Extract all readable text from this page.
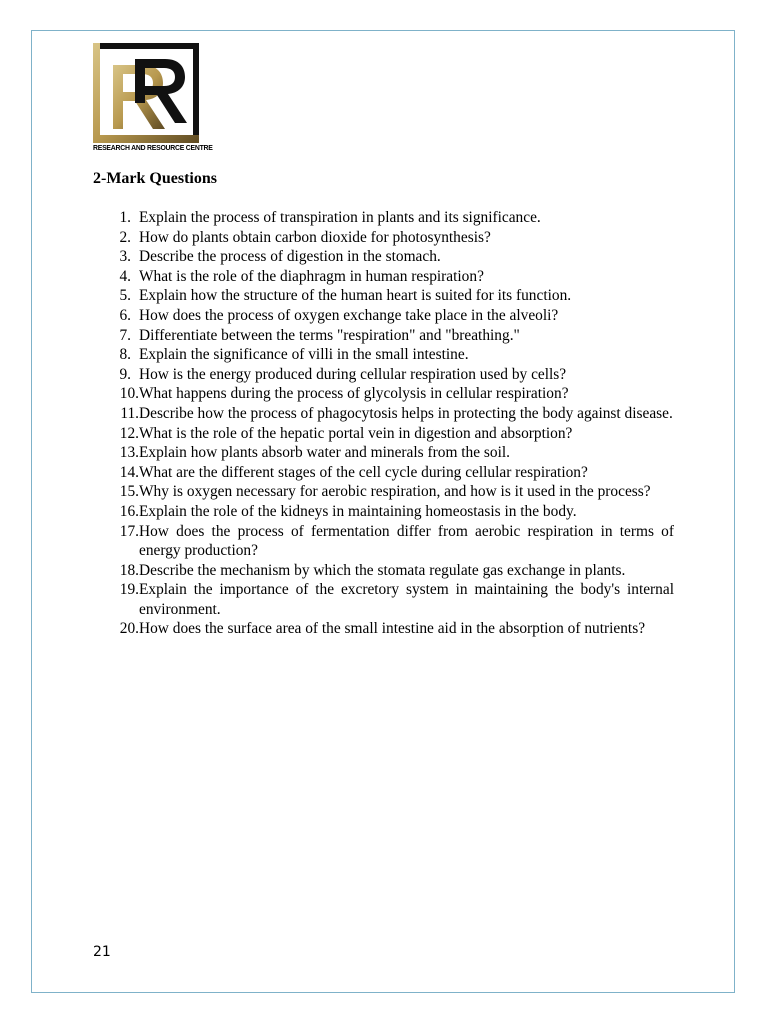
RESEARCH AND RESOURCE CENTRE
2-Mark Questions
1. Explain the process of transpiration in plants and its significance.
2. How do plants obtain carbon dioxide for photosynthesis?
3. Describe the process of digestion in the stomach.
4. What is the role of the diaphragm in human respiration?
5. Explain how the structure of the human heart is suited for its function.
6. How does the process of oxygen exchange take place in the alveoli?
7. Differentiate between the terms "respiration" and "breathing."
8. Explain the significance of villi in the small intestine.
9. How is the energy produced during cellular respiration used by cells?
10. What happens during the process of glycolysis in cellular respiration?
11. Describe how the process of phagocytosis helps in protecting the body against disease.
12. What is the role of the hepatic portal vein in digestion and absorption?
13. Explain how plants absorb water and minerals from the soil.
14. What are the different stages of the cell cycle during cellular respiration?
15. Why is oxygen necessary for aerobic respiration, and how is it used in the process?
16. Explain the role of the kidneys in maintaining homeostasis in the body.
17. How does the process of fermentation differ from aerobic respiration in terms of energy production?
18. Describe the mechanism by which the stomata regulate gas exchange in plants.
19. Explain the importance of the excretory system in maintaining the body's internal environment.
20. How does the surface area of the small intestine aid in the absorption of nutrients?
21
